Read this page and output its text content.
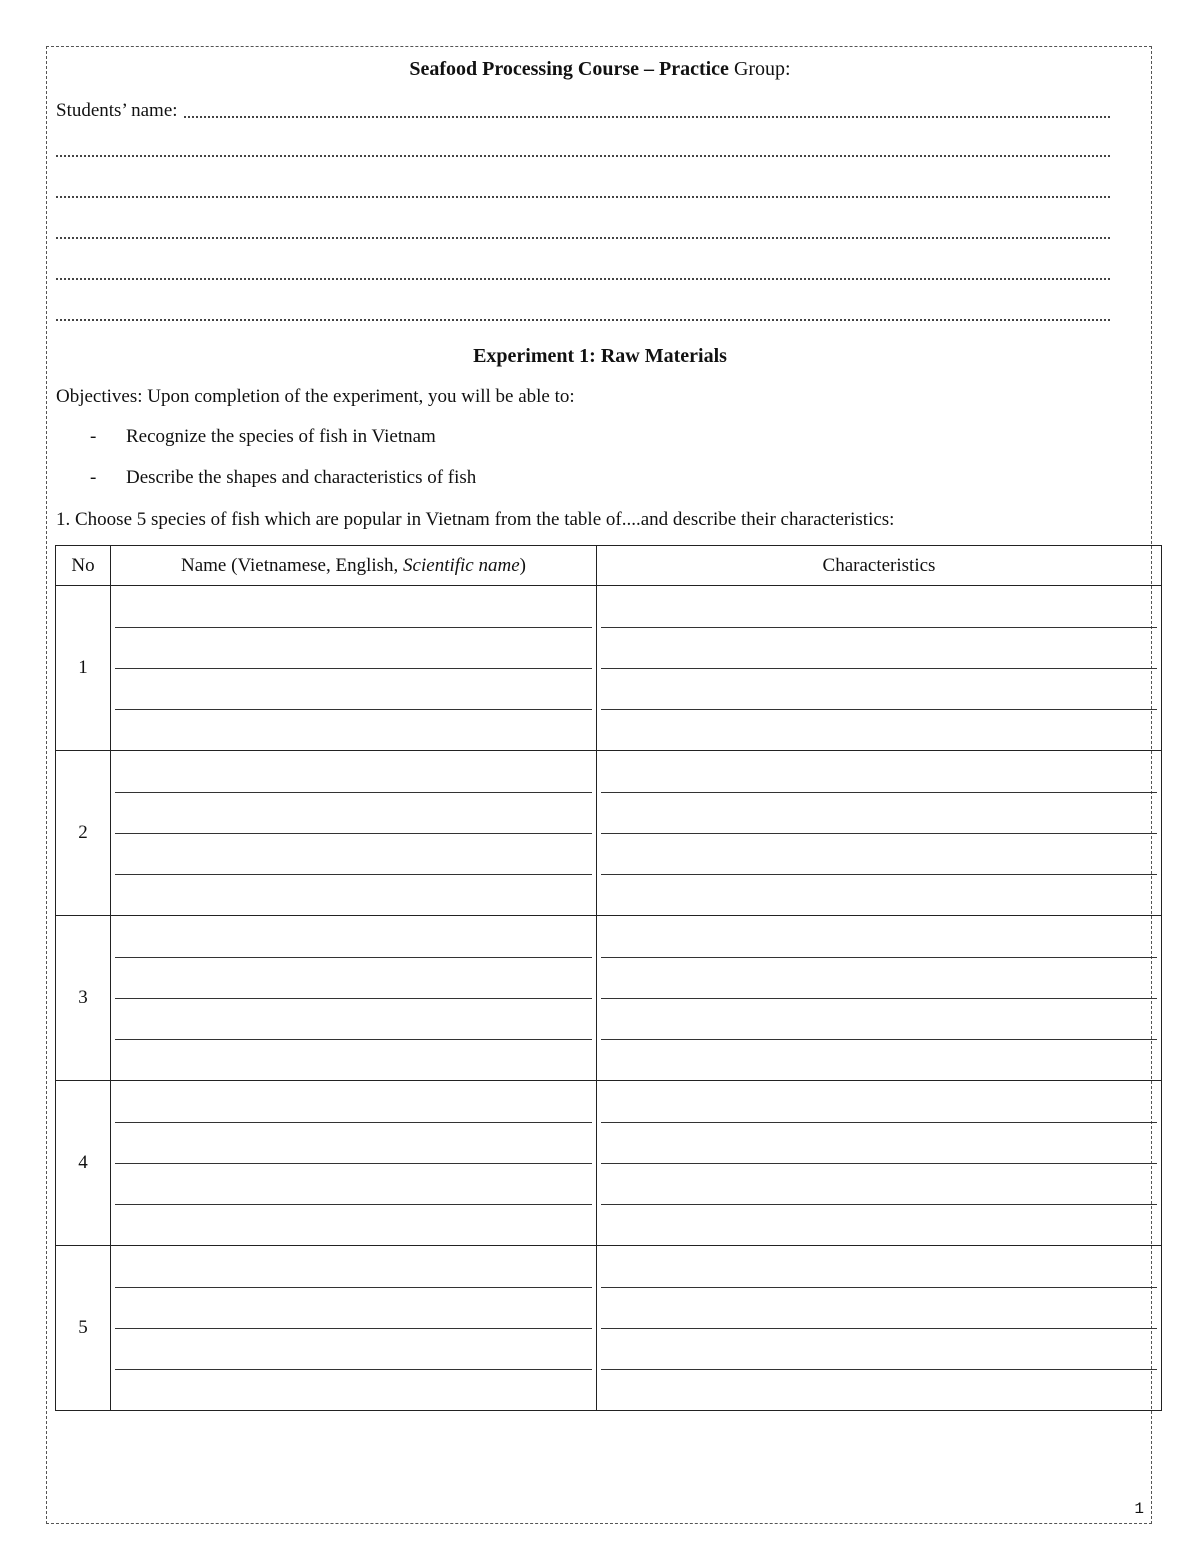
Seafood Processing Course – Practice Group:
Students’ name:
Experiment 1: Raw Materials
Objectives: Upon completion of the experiment, you will be able to:
- Recognize the species of fish in Vietnam
- Describe the shapes and characteristics of fish
1. Choose 5 species of fish which are popular in Vietnam from the table of....and describe their characteristics:
No	Name (Vietnamese, English, Scientific name)	Characteristics
1	

2	

3	

4	

5	

1
